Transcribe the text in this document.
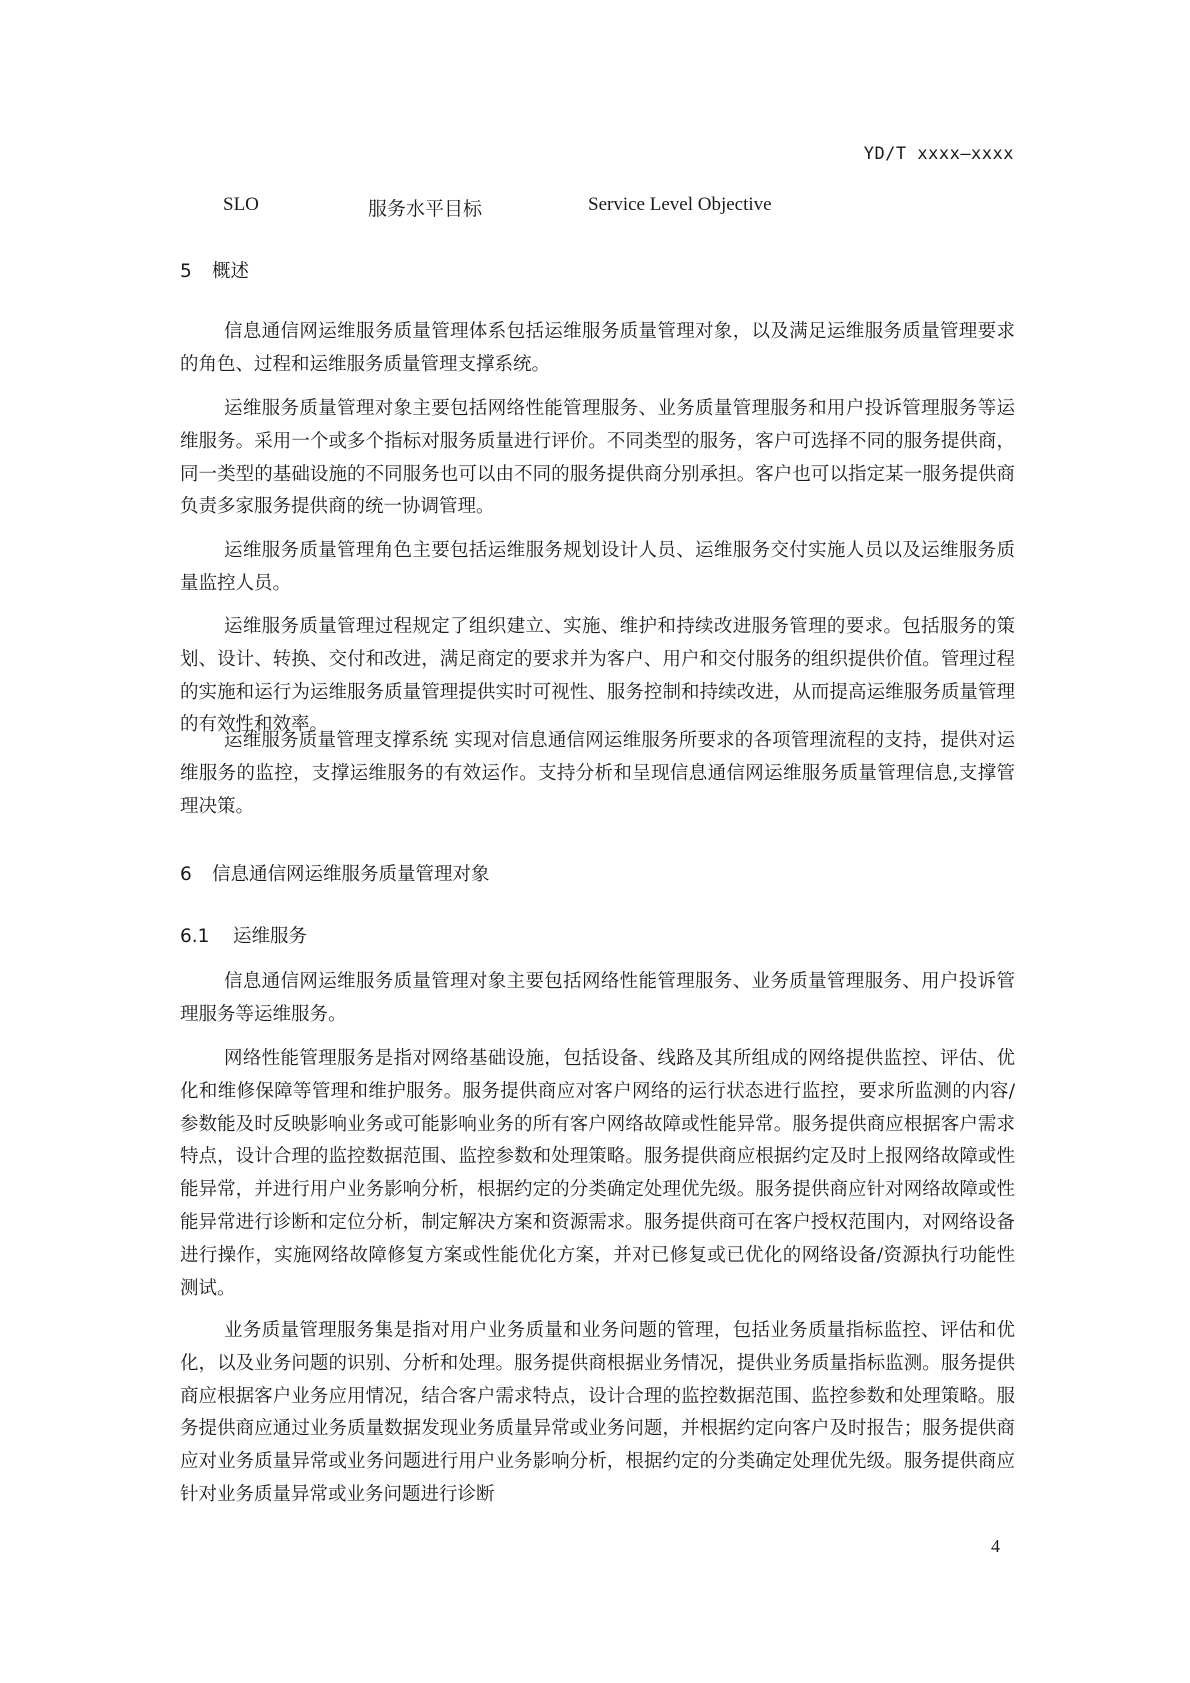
YD/T xxxx—xxxx
SLO	服务水平目标	Service Level Objective
5 概述

信息通信网运维服务质量管理体系包括运维服务质量管理对象，以及满足运维服务质量管理要求的角色、过程和运维服务质量管理支撑系统。

运维服务质量管理对象主要包括网络性能管理服务、业务质量管理服务和用户投诉管理服务等运维服务。采用一个或多个指标对服务质量进行评价。不同类型的服务，客户可选择不同的服务提供商，同一类型的基础设施的不同服务也可以由不同的服务提供商分别承担。客户也可以指定某一服务提供商负责多家服务提供商的统一协调管理。

运维服务质量管理角色主要包括运维服务规划设计人员、运维服务交付实施人员以及运维服务质量监控人员。

运维服务质量管理过程规定了组织建立、实施、维护和持续改进服务管理的要求。包括服务的策划、设计、转换、交付和改进，满足商定的要求并为客户、用户和交付服务的组织提供价值。管理过程的实施和运行为运维服务质量管理提供实时可视性、服务控制和持续改进，从而提高运维服务质量管理的有效性和效率。

运维服务质量管理支撑系统 实现对信息通信网运维服务所要求的各项管理流程的支持，提供对运维服务的监控，支撑运维服务的有效运作。支持分析和呈现信息通信网运维服务质量管理信息,支撑管理决策。

6 信息通信网运维服务质量管理对象
6.1 运维服务

信息通信网运维服务质量管理对象主要包括网络性能管理服务、业务质量管理服务、用户投诉管理服务等运维服务。

网络性能管理服务是指对网络基础设施，包括设备、线路及其所组成的网络提供监控、评估、优化和维修保障等管理和维护服务。服务提供商应对客户网络的运行状态进行监控，要求所监测的内容/参数能及时反映影响业务或可能影响业务的所有客户网络故障或性能异常。服务提供商应根据客户需求特点，设计合理的监控数据范围、监控参数和处理策略。服务提供商应根据约定及时上报网络故障或性能异常，并进行用户业务影响分析，根据约定的分类确定处理优先级。服务提供商应针对网络故障或性能异常进行诊断和定位分析，制定解决方案和资源需求。服务提供商可在客户授权范围内，对网络设备进行操作，实施网络故障修复方案或性能优化方案，并对已修复或已优化的网络设备/资源执行功能性测试。

业务质量管理服务集是指对用户业务质量和业务问题的管理，包括业务质量指标监控、评估和优化，以及业务问题的识别、分析和处理。服务提供商根据业务情况，提供业务质量指标监测。服务提供商应根据客户业务应用情况，结合客户需求特点，设计合理的监控数据范围、监控参数和处理策略。服务提供商应通过业务质量数据发现业务质量异常或业务问题，并根据约定向客户及时报告；服务提供商应对业务质量异常或业务问题进行用户业务影响分析，根据约定的分类确定处理优先级。服务提供商应针对业务质量异常或业务问题进行诊断

4
